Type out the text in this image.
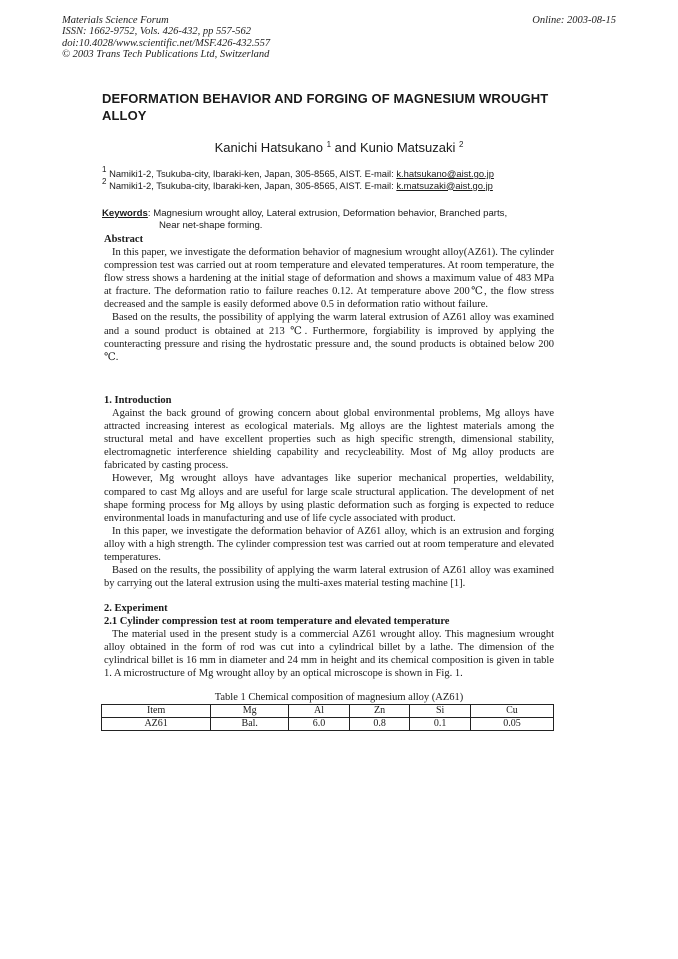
Materials Science Forum
ISSN: 1662-9752, Vols. 426-432, pp 557-562
doi:10.4028/www.scientific.net/MSF.426-432.557
© 2003 Trans Tech Publications Ltd, Switzerland
Online: 2003-08-15
DEFORMATION BEHAVIOR AND FORGING OF MAGNESIUM WROUGHT ALLOY
Kanichi Hatsukano $^1$ and Kunio Matsuzaki $^2$
$^1$ Namiki1-2, Tsukuba-city, Ibaraki-ken, Japan, 305-8565, AIST. E-mail: k.hatsukano@aist.go.jp
$^2$ Namiki1-2, Tsukuba-city, Ibaraki-ken, Japan, 305-8565, AIST. E-mail: k.matsuzaki@aist.go.jp
Keywords: Magnesium wrought alloy, Lateral extrusion, Deformation behavior, Branched parts,
Near net-shape forming.
Abstract

In this paper, we investigate the deformation behavior of magnesium wrought alloy(AZ61). The cylinder compression test was carried out at room temperature and elevated temperatures. At room temperature, the flow stress shows a hardening at the initial stage of deformation and shows a maximum value of 483 MPa at fracture. The deformation ratio to failure reaches 0.12. At temperature above 200℃, the flow stress decreased and the sample is easily deformed above 0.5 in deformation ratio without failure.

Based on the results, the possibility of applying the warm lateral extrusion of AZ61 alloy was examined and a sound product is obtained at 213 ℃. Furthermore, forgiability is improved by applying the counteracting pressure and rising the hydrostatic pressure and, the sound products is obtained below 200 ℃.

1. Introduction

Against the back ground of growing concern about global environmental problems, Mg alloys have attracted increasing interest as ecological materials. Mg alloys are the lightest materials among the structural metal and have excellent properties such as high specific strength, dimensional stability, electromagnetic interference shielding capability and recycleability. Most of Mg alloy products are fabricated by casting process.

However, Mg wrought alloys have advantages like superior mechanical properties, weldability, compared to cast Mg alloys and are useful for large scale structural application. The development of net shape forming process for Mg alloys by using plastic deformation such as forging is expected to reduce environmental loads in manufacturing and use of life cycle associated with product.

In this paper, we investigate the deformation behavior of AZ61 alloy, which is an extrusion and forging alloy with a high strength. The cylinder compression test was carried out at room temperature and elevated temperatures.

Based on the results, the possibility of applying the warm lateral extrusion of AZ61 alloy was examined by carrying out the lateral extrusion using the multi-axes material testing machine [1].

2. Experiment
2.1 Cylinder compression test at room temperature and elevated temperature

The material used in the present study is a commercial AZ61 wrought alloy. This magnesium wrought alloy obtained in the form of rod was cut into a cylindrical billet by a lathe. The dimension of the cylindrical billet is 16 mm in diameter and 24 mm in height and its chemical composition is given in table 1. A microstructure of Mg wrought alloy by an optical microscope is shown in Fig. 1.

Table 1 Chemical composition of magnesium alloy (AZ61)
Item	Mg	Al	Zn	Si	Cu
AZ61	Bal.	6.0	0.8	0.1	0.05
